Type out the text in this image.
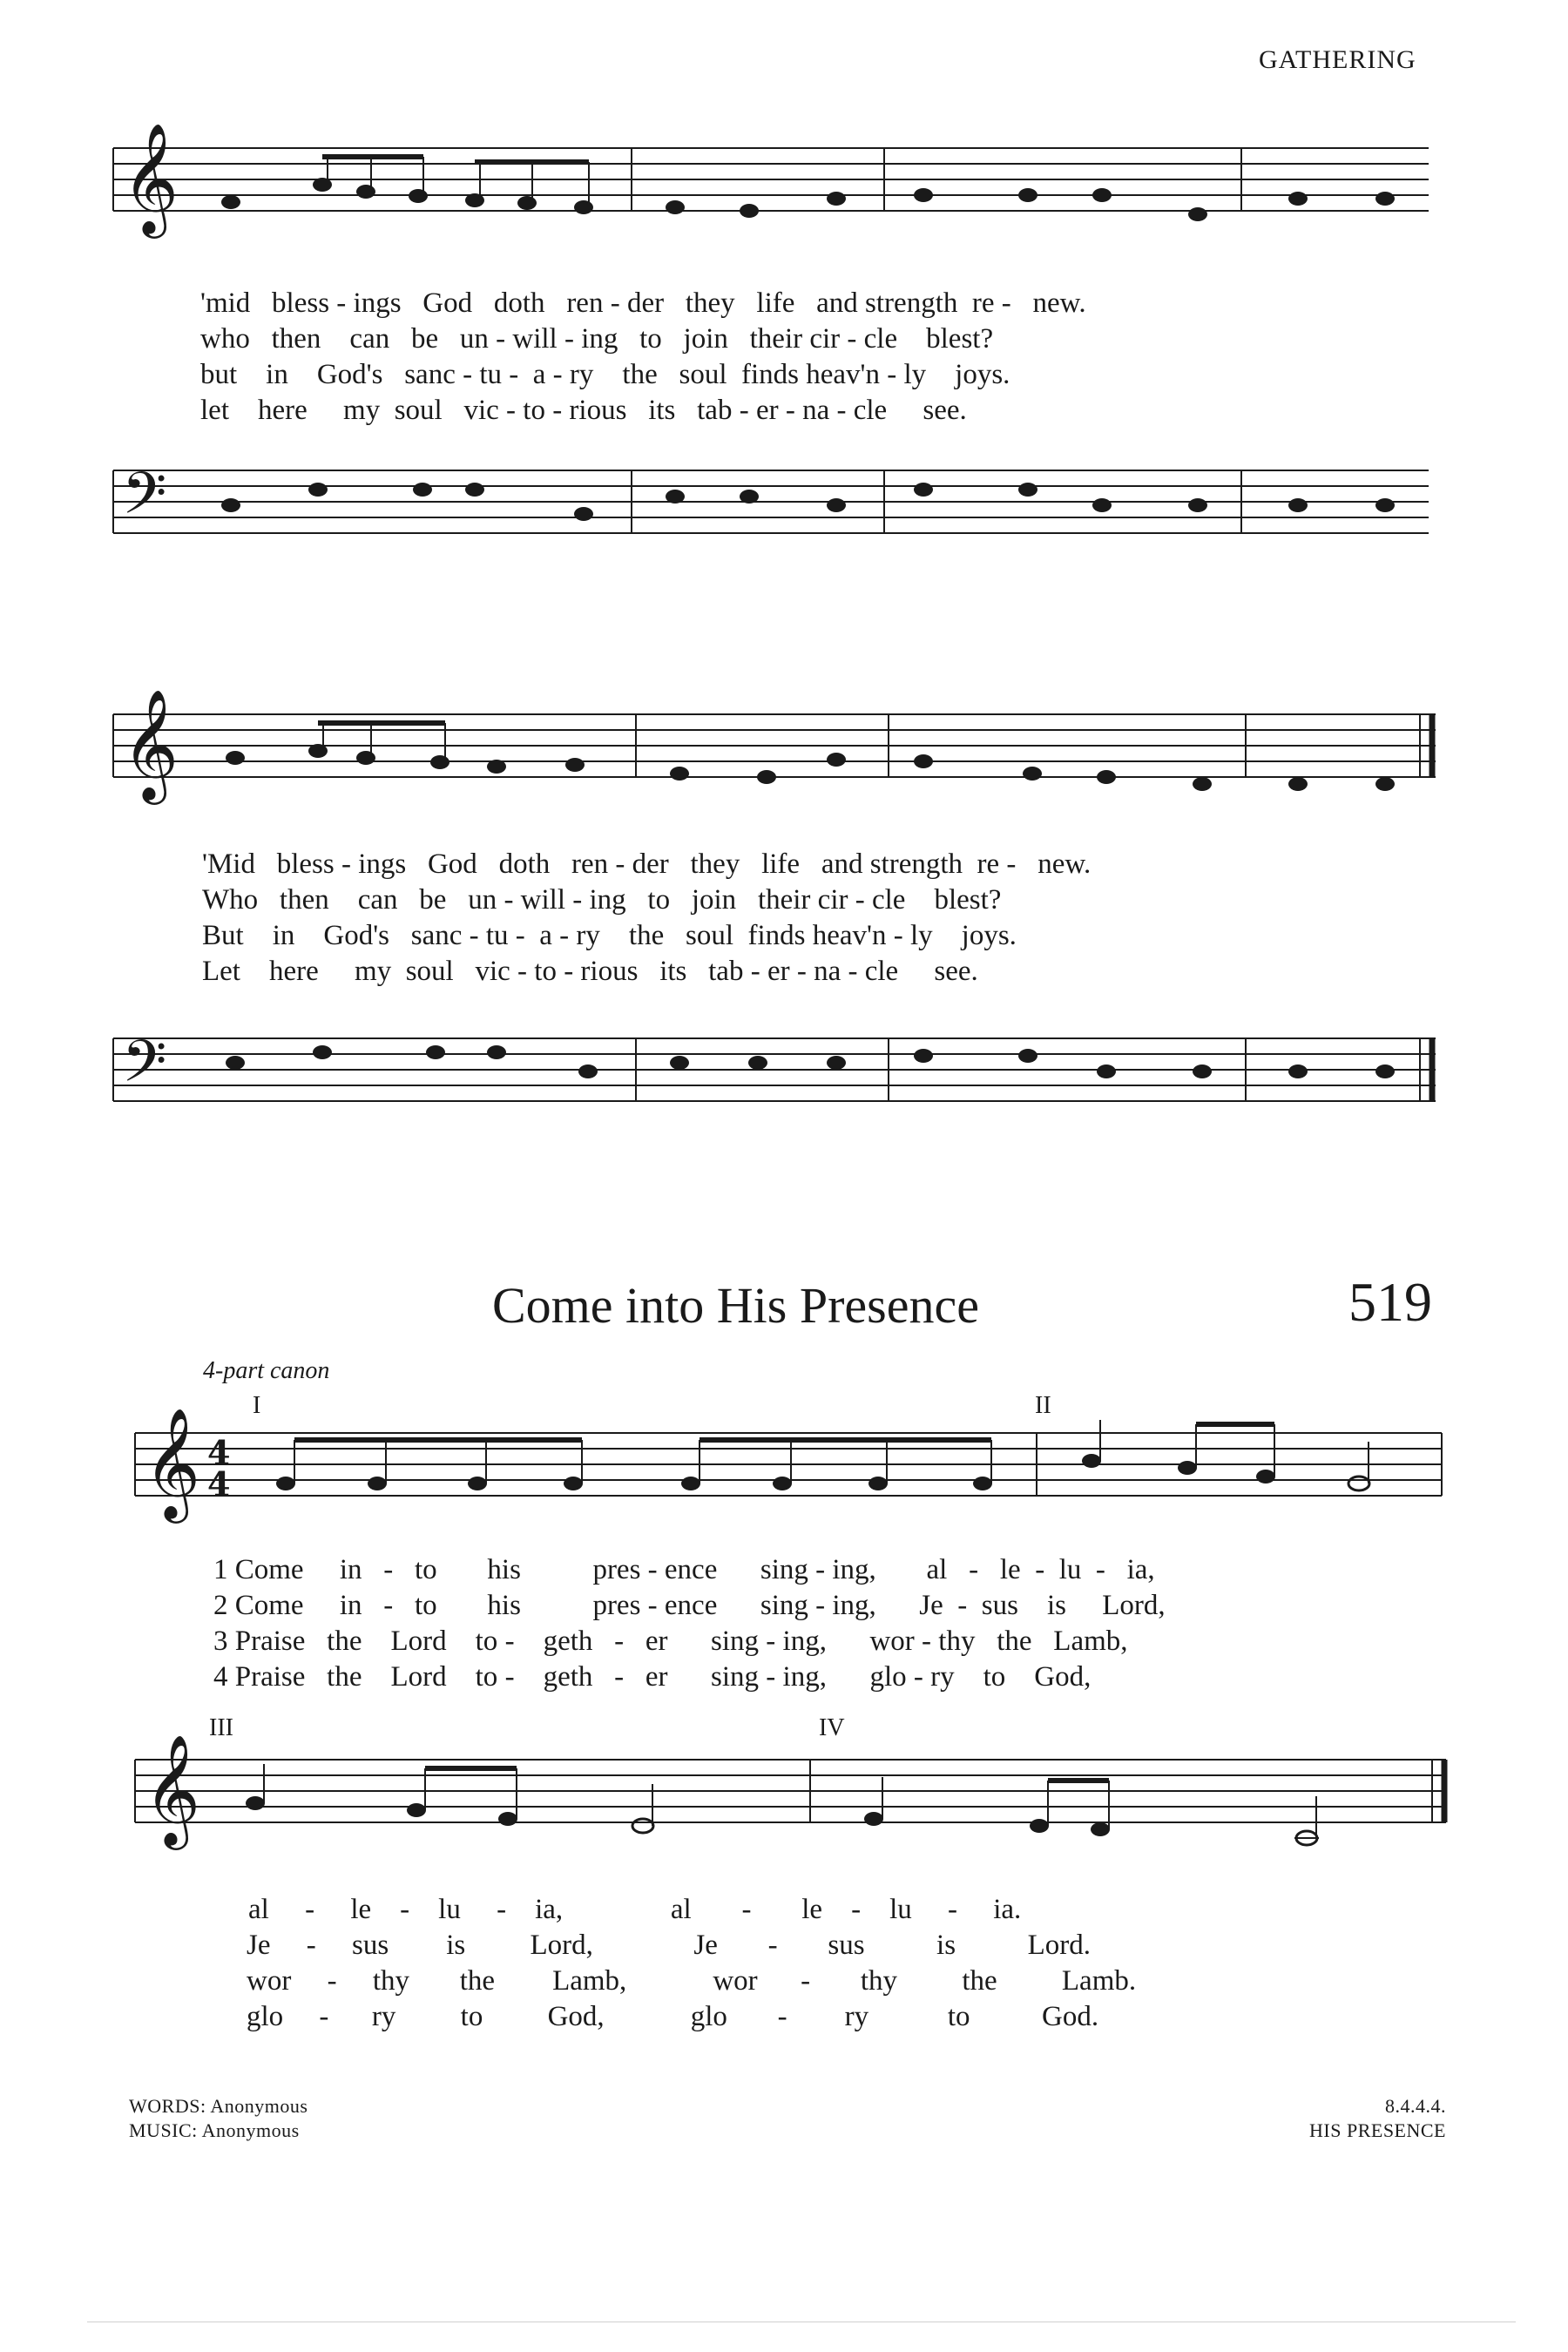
GATHERING
𝄞
𝄢
'mid bless - ings God doth ren - der they life and strength re - new.
who then can be un - will - ing to join their cir - cle blest?
but in God's sanc - tu - a - ry the soul finds heav'n - ly joys.
let here my soul vic - to - rious its tab - er - na - cle see.
𝄞
𝄢
'Mid bless - ings God doth ren - der they life and strength re - new.
Who then can be un - will - ing to join their cir - cle blest?
But in God's sanc - tu - a - ry the soul finds heav'n - ly joys.
Let here my soul vic - to - rious its tab - er - na - cle see.
Come into His Presence	519
4-part canon
I	II
𝄞 4
4
1 Come in - to his	pres - ence sing - ing, al - le - lu - ia,
2 Come in - to his	pres - ence sing - ing, Je - sus is Lord,
3 Praise the Lord to - geth - er sing - ing, wor - thy the Lamb,
4 Praise the Lord to - geth - er sing - ing, glo - ry to God,
III	IV
𝄞
al - le - lu - ia,	al - le - lu - ia.
Je - sus is Lord,	Je - sus	is	Lord.
wor - thy the Lamb,	wor - thy the Lamb.
glo - ry to God,	glo - ry	to	God.
WORDS: Anonymous
MUSIC: Anonymous
8.4.4.4.
HIS PRESENCE
